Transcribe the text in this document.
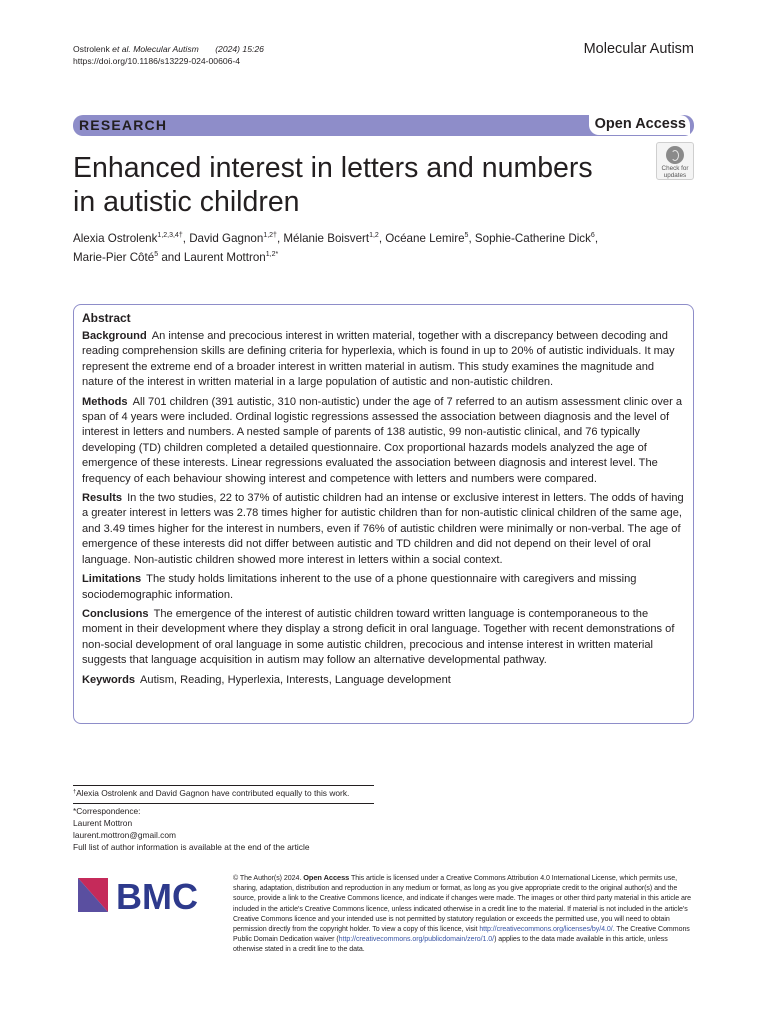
Ostrolenk et al. Molecular Autism (2024) 15:26
https://doi.org/10.1186/s13229-024-00606-4
Molecular Autism
RESEARCH	Open Access
Enhanced interest in letters and numbers
in autistic children
Check for
updates
Alexia Ostrolenk$^{1,2,3,4\dagger}$, David Gagnon$^{1,2\dagger}$, Mélanie Boisvert$^{1,2}$, Océane Lemire$^5$, Sophie-Catherine Dick$^6$,
Marie-Pier Côté$^5$ and Laurent Mottron$^{1,2*}$
Abstract
Background An intense and precocious interest in written material, together with a discrepancy between decoding and reading comprehension skills are defining criteria for hyperlexia, which is found in up to 20% of autistic individuals. It may represent the extreme end of a broader interest in written material in autism. This study examines the magnitude and nature of the interest in written material in a large population of autistic and non-autistic children.
Methods All 701 children (391 autistic, 310 non-autistic) under the age of 7 referred to an autism assessment clinic over a span of 4 years were included. Ordinal logistic regressions assessed the association between diagnosis and the level of interest in letters and numbers. A nested sample of parents of 138 autistic, 99 non-autistic clinical, and 76 typically developing (TD) children completed a detailed questionnaire. Cox proportional hazards models analyzed the age of emergence of these interests. Linear regressions evaluated the association between diagnosis and interest level. The frequency of each behaviour showing interest and competence with letters and numbers were compared.
Results In the two studies, 22 to 37% of autistic children had an intense or exclusive interest in letters. The odds of having a greater interest in letters was 2.78 times higher for autistic children than for non-autistic clinical children of the same age, and 3.49 times higher for the interest in numbers, even if 76% of autistic children were minimally or non-verbal. The age of emergence of these interests did not differ between autistic and TD children and did not depend on their level of oral language. Non-autistic children showed more interest in letters within a social context.
Limitations The study holds limitations inherent to the use of a phone questionnaire with caregivers and missing sociodemographic information.
Conclusions The emergence of the interest of autistic children toward written language is contemporaneous to the moment in their development where they display a strong deficit in oral language. Together with recent demonstrations of non-social development of oral language in some autistic children, precocious and intense interest in written material suggests that language acquisition in autism may follow an alternative developmental pathway.
Keywords Autism, Reading, Hyperlexia, Interests, Language development
†Alexia Ostrolenk and David Gagnon have contributed equally to this work.
*Correspondence:
Laurent Mottron
laurent.mottron@gmail.com
Full list of author information is available at the end of the article
BMC	© The Author(s) 2024. Open Access This article is licensed under a Creative Commons Attribution 4.0 International License, which permits use, sharing, adaptation, distribution and reproduction in any medium or format, as long as you give appropriate credit to the original author(s) and the source, provide a link to the Creative Commons licence, and indicate if changes were made. The images or other third party material in this article are included in the article's Creative Commons licence, unless indicated otherwise in a credit line to the material. If material is not included in the article's Creative Commons licence and your intended use is not permitted by statutory regulation or exceeds the permitted use, you will need to obtain permission directly from the copyright holder. To view a copy of this licence, visit http://creativecommons.org/licenses/by/4.0/. The Creative Commons Public Domain Dedication waiver (http://creativecommons.org/publicdomain/zero/1.0/) applies to the data made available in this article, unless otherwise stated in a credit line to the data.
